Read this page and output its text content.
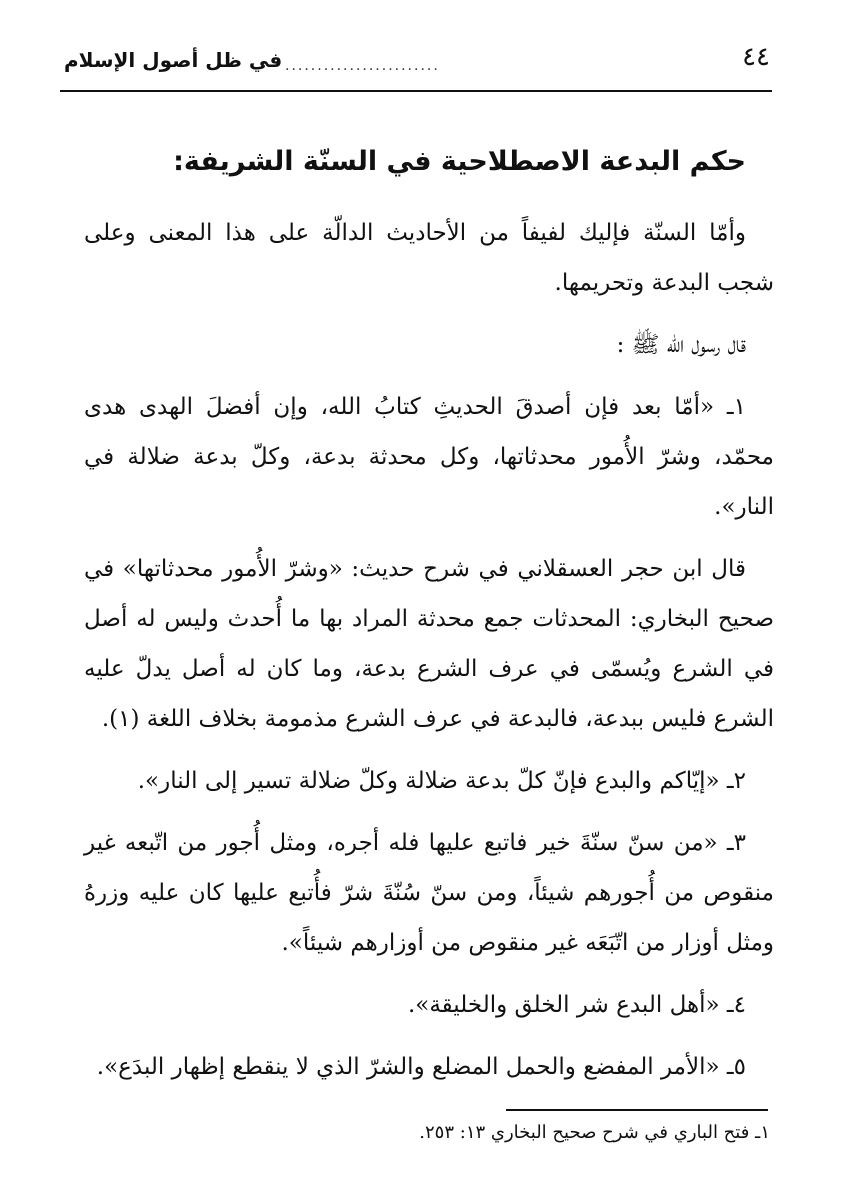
٤٤
........................
في ظل أصول الإسلام
حكم البدعة الاصطلاحية في السنّة الشريفة:

وأمّا السنّة فإليك لفيفاً من الأحاديث الدالّة على هذا المعنى وعلى شجب البدعة وتحريمها.

قال رسول الله ﷺ :

١ـ «أمّا بعد فإن أصدقَ الحديثِ كتابُ الله، وإن أفضلَ الهدى هدى محمّد، وشرّ الأُمور محدثاتها، وكل محدثة بدعة، وكلّ بدعة ضلالة في النار».

قال ابن حجر العسقلاني في شرح حديث: «وشرّ الأُمور محدثاتها» في صحيح البخاري: المحدثات جمع محدثة المراد بها ما أُحدث وليس له أصل في الشرع ويُسمّى في عرف الشرع بدعة، وما كان له أصل يدلّ عليه الشرع فليس ببدعة، فالبدعة في عرف الشرع مذمومة بخلاف اللغة (١).

٢ـ «إيّاكم والبدع فإنّ كلّ بدعة ضلالة وكلّ ضلالة تسير إلى النار».

٣ـ «من سنّ سنّةَ خير فاتبع عليها فله أجره، ومثل أُجور من اتّبعه غير منقوص من أُجورهم شيئاً، ومن سنّ سُنّةَ شرّ فأُتبع عليها كان عليه وزرهُ ومثل أوزار من اتّبَعَه غير منقوص من أوزارهم شيئاً».

٤ـ «أهل البدع شر الخلق والخليقة».

٥ـ «الأمر المفضع والحمل المضلع والشرّ الذي لا ينقطع إظهار البدَع».

١ـ فتح الباري في شرح صحيح البخاري ١٣: ٢٥٣.
